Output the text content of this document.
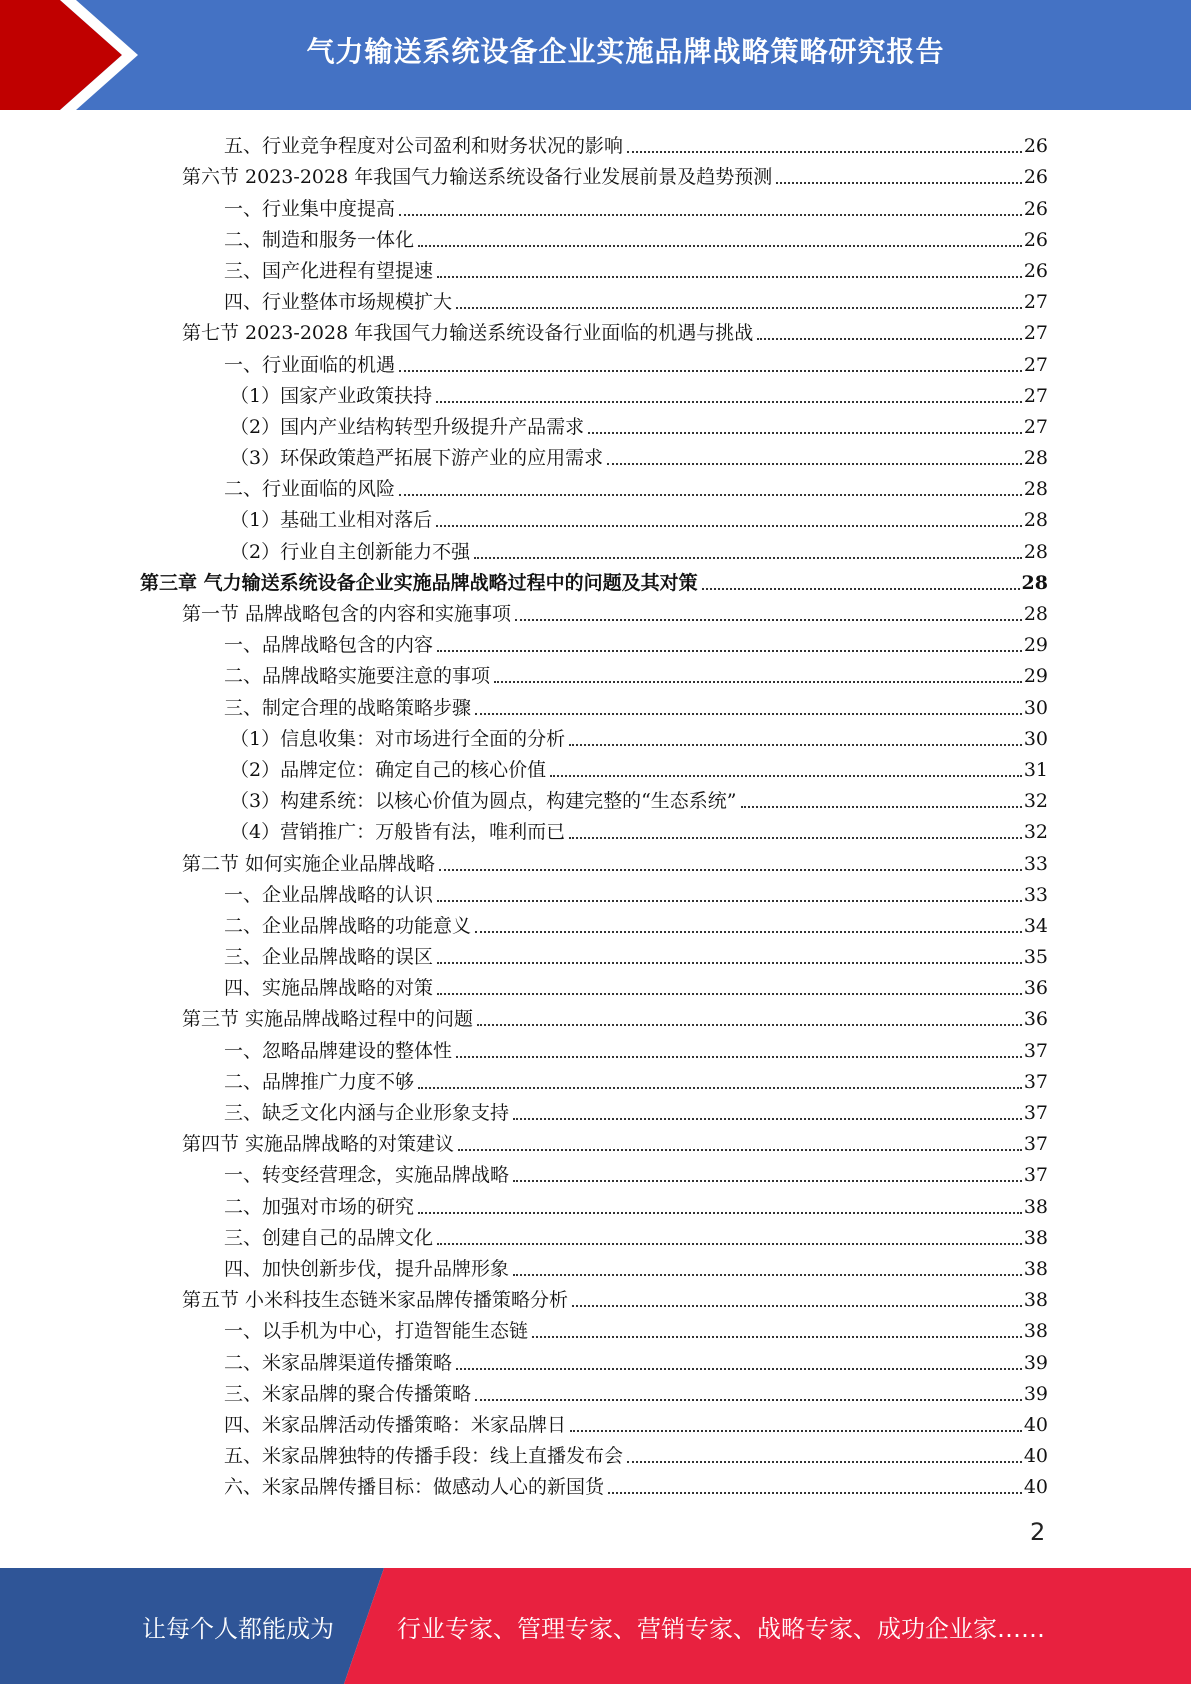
气力输送系统设备企业实施品牌战略策略研究报告
五、行业竞争程度对公司盈利和财务状况的影响	26
第六节 2023-2028 年我国气力输送系统设备行业发展前景及趋势预测	26
一、行业集中度提高	26
二、制造和服务一体化	26
三、国产化进程有望提速	26
四、行业整体市场规模扩大	27
第七节 2023-2028 年我国气力输送系统设备行业面临的机遇与挑战	27
一、行业面临的机遇	27
（1）国家产业政策扶持	27
（2）国内产业结构转型升级提升产品需求	27
（3）环保政策趋严拓展下游产业的应用需求	28
二、行业面临的风险	28
（1）基础工业相对落后	28
（2）行业自主创新能力不强	28
第三章 气力输送系统设备企业实施品牌战略过程中的问题及其对策	28
第一节 品牌战略包含的内容和实施事项	28
一、品牌战略包含的内容	29
二、品牌战略实施要注意的事项	29
三、制定合理的战略策略步骤	30
（1）信息收集：对市场进行全面的分析	30
（2）品牌定位：确定自己的核心价值	31
（3）构建系统：以核心价值为圆点，构建完整的“生态系统”	32
（4）营销推广：万般皆有法，唯利而已	32
第二节 如何实施企业品牌战略	33
一、企业品牌战略的认识	33
二、企业品牌战略的功能意义	34
三、企业品牌战略的误区	35
四、实施品牌战略的对策	36
第三节 实施品牌战略过程中的问题	36
一、忽略品牌建设的整体性	37
二、品牌推广力度不够	37
三、缺乏文化内涵与企业形象支持	37
第四节 实施品牌战略的对策建议	37
一、转变经营理念，实施品牌战略	37
二、加强对市场的研究	38
三、创建自己的品牌文化	38
四、加快创新步伐，提升品牌形象	38
第五节 小米科技生态链米家品牌传播策略分析	38
一、以手机为中心，打造智能生态链	38
二、米家品牌渠道传播策略	39
三、米家品牌的聚合传播策略	39
四、米家品牌活动传播策略：米家品牌日	40
五、米家品牌独特的传播手段：线上直播发布会	40
六、米家品牌传播目标：做感动人心的新国货	40
2
让每个人都能成为	行业专家、管理专家、营销专家、战略专家、成功企业家……
